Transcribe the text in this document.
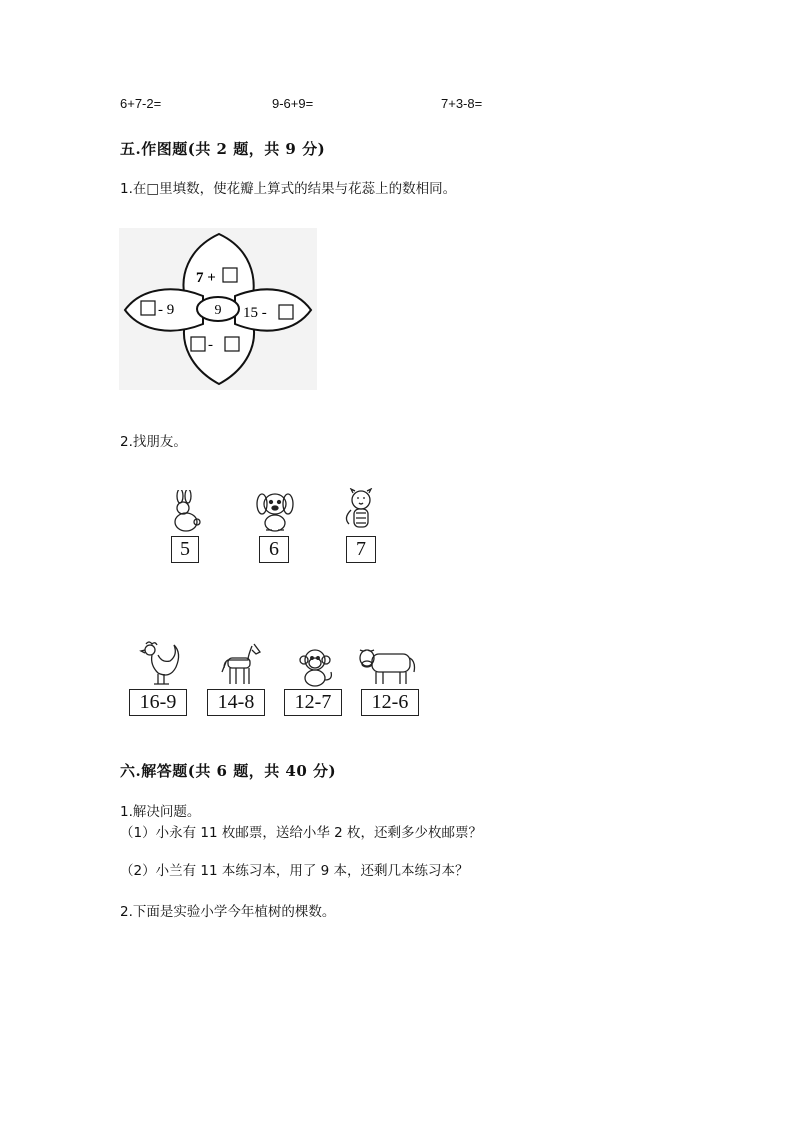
6+7-2=	9-6+9=	7+3-8=
五.作图题(共 2 题，共 9 分)
1.在□里填数，使花瓣上算式的结果与花蕊上的数相同。
9
7 +
- 9	15 -
-
2.找朋友。
5	6	7
16-9	14-8	12-7	12-6
六.解答题(共 6 题，共 40 分)
1.解决问题。
（1）小永有 11 枚邮票，送给小华 2 枚，还剩多少枚邮票？
（2）小兰有 11 本练习本，用了 9 本，还剩几本练习本？
2.下面是实验小学今年植树的棵数。
